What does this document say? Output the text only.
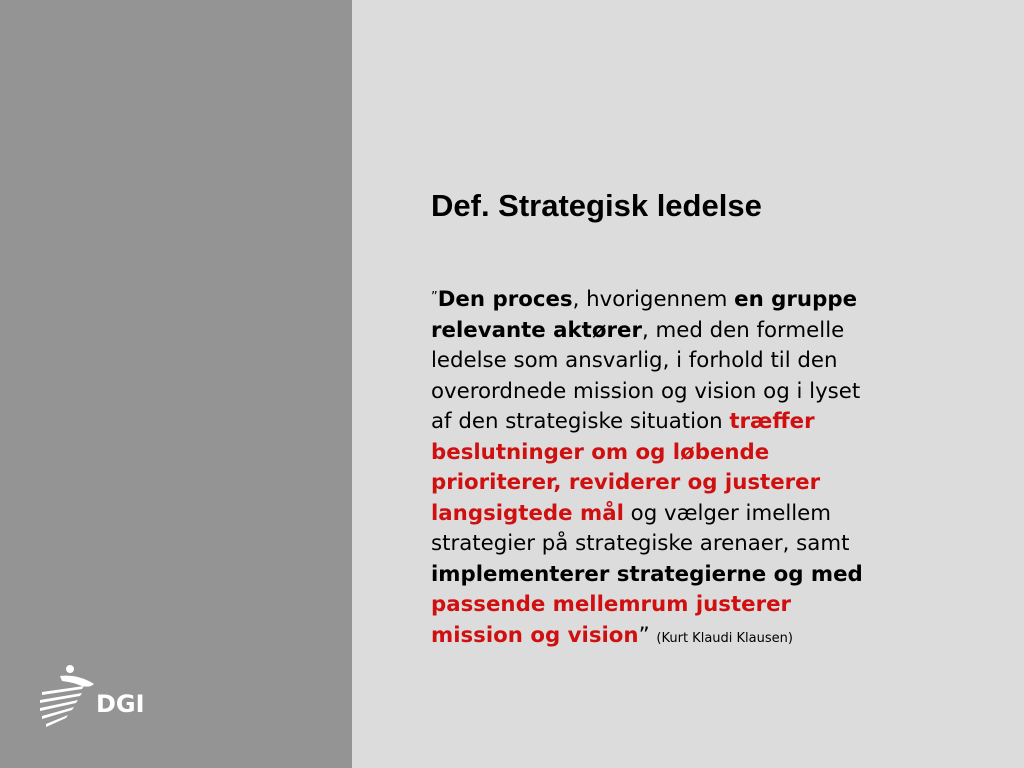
DGI
Def. Strategisk ledelse

”Den proces, hvorigennem en gruppe
relevante aktører, med den formelle
ledelse som ansvarlig, i forhold til den
overordnede mission og vision og i lyset
af den strategiske situation træffer
beslutninger om og løbende
prioriterer, reviderer og justerer
langsigtede mål og vælger imellem
strategier på strategiske arenaer, samt
implementerer strategierne og med
passende mellemrum justerer
mission og vision” (Kurt Klaudi Klausen)
